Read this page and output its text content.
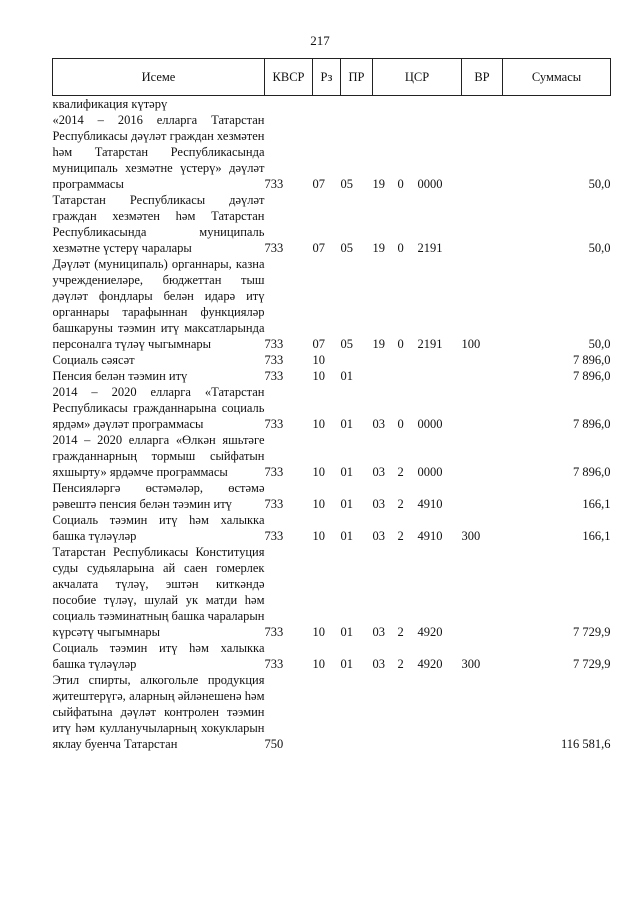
217
Исеме	КВСР	Рз	ПР	ЦСР			ВР	Суммасы
квалификация күтәрү								
«2014 – 2016 елларга Татарстан Республикасы дәүләт граждан хезмәтен һәм Татарстан Республикасында муниципаль хезмәтне үстерү» дәүләт программасы	733	07	05	19	0	0000		50,0
Татарстан Республикасы дәүләт граждан хезмәтен һәм Татарстан Республикасында муниципаль хезмәтне үстерү чаралары	733	07	05	19	0	2191		50,0
Дәүләт (муниципаль) органнары, казна учреждениеләре, бюджеттан тыш дәүләт фондлары белән идарә итү органнары тарафыннан функцияләр башкаруны тәэмин итү максатларында персоналга түләү чыгымнары	733	07	05	19	0	2191	100	50,0
Социаль сәясәт	733	10						7 896,0
Пенсия белән тәэмин итү	733	10	01					7 896,0
2014 – 2020 елларга «Татарстан Республикасы гражданнарына социаль ярдәм» дәүләт программасы	733	10	01	03	0	0000		7 896,0
2014 – 2020 елларга «Өлкән яшьтәге гражданнарның тормыш сыйфатын яхшырту» ярдәмче программасы	733	10	01	03	2	0000		7 896,0
Пенсияләргә өстәмәләр, өстәмә рәвештә пенсия белән тәэмин итү	733	10	01	03	2	4910		166,1
Социаль тәэмин итү һәм халыкка башка түләүләр	733	10	01	03	2	4910	300	166,1
Татарстан Республикасы Конституция суды судьяларына ай саен гомерлек акчалата түләү, эштән киткәндә пособие түләү, шулай ук матди һәм социаль тәэминатның башка чараларын күрсәтү чыгымнары	733	10	01	03	2	4920		7 729,9
Социаль тәэмин итү һәм халыкка башка түләүләр	733	10	01	03	2	4920	300	7 729,9
Этил спирты, алкогольле продукция җитештерүгә, аларның әйләнешенә һәм сыйфатына дәүләт контролен тәэмин итү һәм кулланучыларның хокукларын яклау буенча Татарстан	750							116 581,6
